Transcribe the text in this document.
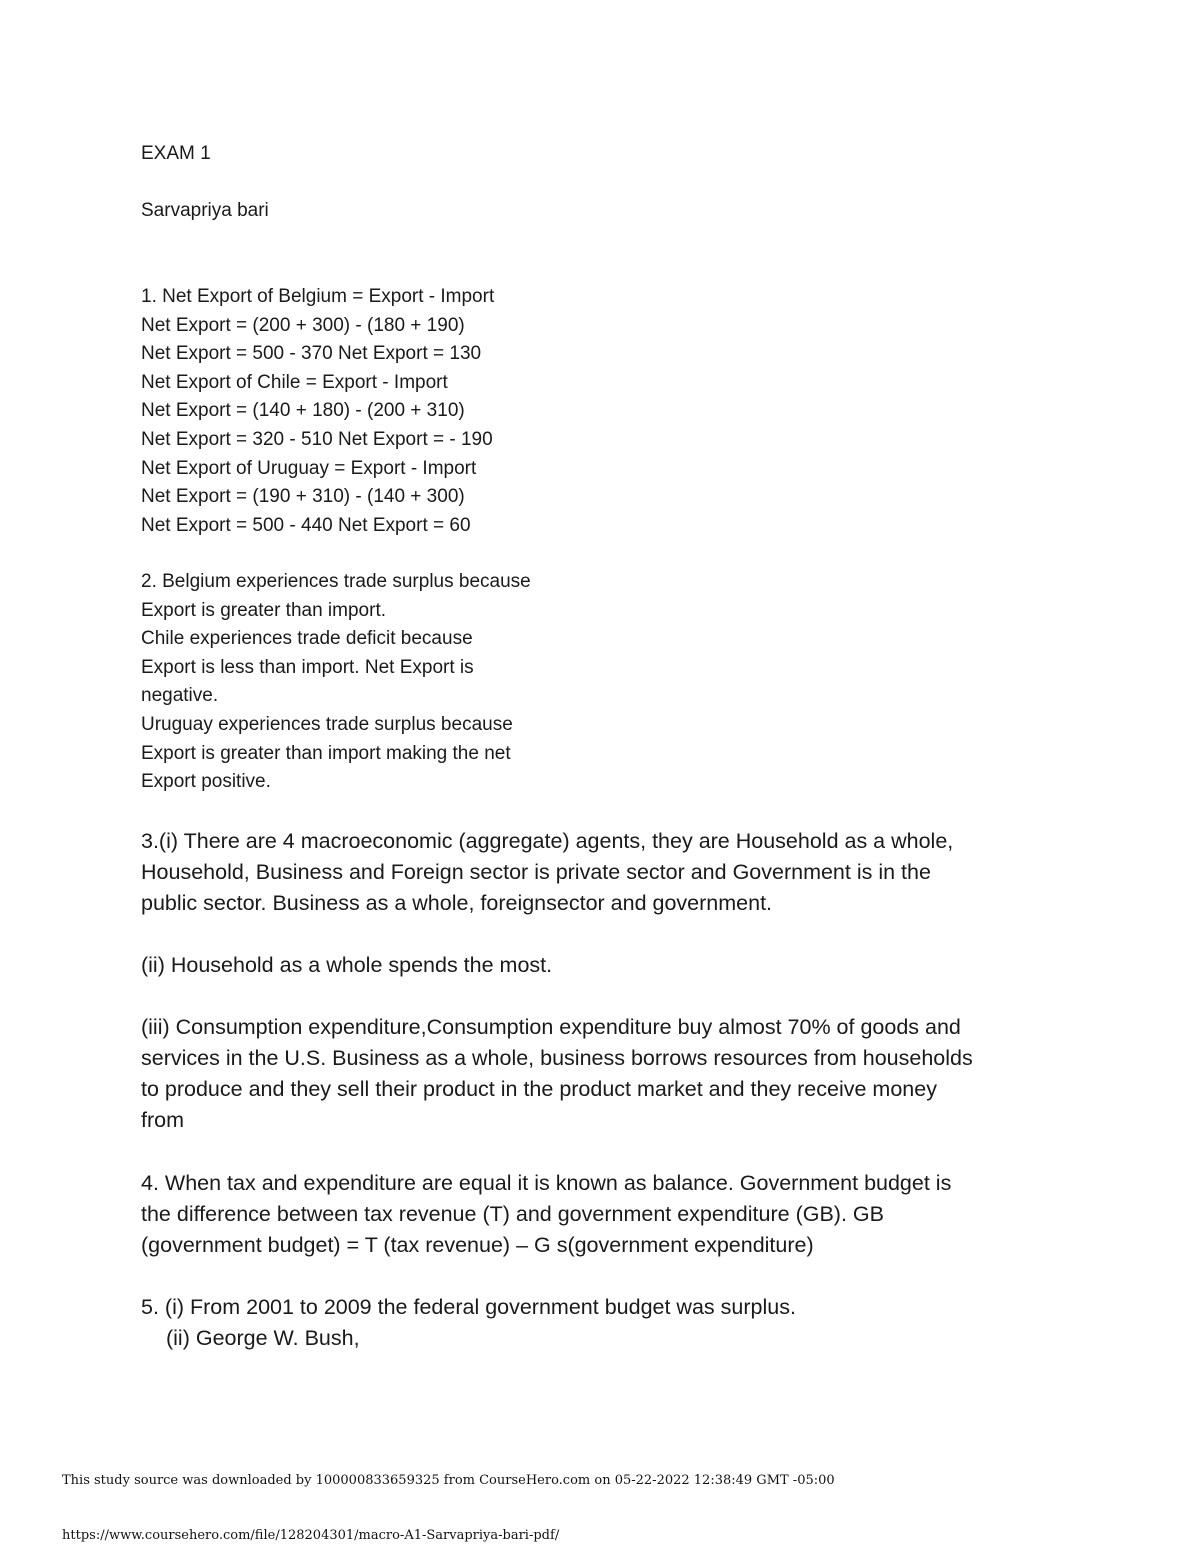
EXAM 1

Sarvapriya bari

1. Net Export of Belgium = Export - Import

Net Export = (200 + 300) - (180 + 190)

Net Export = 500 - 370 Net Export = 130

Net Export of Chile = Export - Import

Net Export = (140 + 180) - (200 + 310)

Net Export = 320 - 510 Net Export = - 190

Net Export of Uruguay = Export - Import

Net Export = (190 + 310) - (140 + 300)

Net Export = 500 - 440 Net Export = 60

2. Belgium experiences trade surplus because

Export is greater than import.

Chile experiences trade deficit because

Export is less than import. Net Export is

negative.

Uruguay experiences trade surplus because

Export is greater than import making the net

Export positive.

3.(i) There are 4 macroeconomic (aggregate) agents, they are Household as a whole,

Household, Business and Foreign sector is private sector and Government is in the

public sector. Business as a whole, foreignsector and government.

(ii) Household as a whole spends the most.

(iii) Consumption expenditure,Consumption expenditure buy almost 70% of goods and

services in the U.S. Business as a whole, business borrows resources from households

to produce and they sell their product in the product market and they receive money

from

4. When tax and expenditure are equal it is known as balance. Government budget is

the difference between tax revenue (T) and government expenditure (GB). GB

(government budget) = T (tax revenue) – G s(government expenditure)

5. (i) From 2001 to 2009 the federal government budget was surplus.

(ii) George W. Bush,

This study source was downloaded by 100000833659325 from CourseHero.com on 05-22-2022 12:38:49 GMT -05:00
https://www.coursehero.com/file/128204301/macro-A1-Sarvapriya-bari-pdf/
